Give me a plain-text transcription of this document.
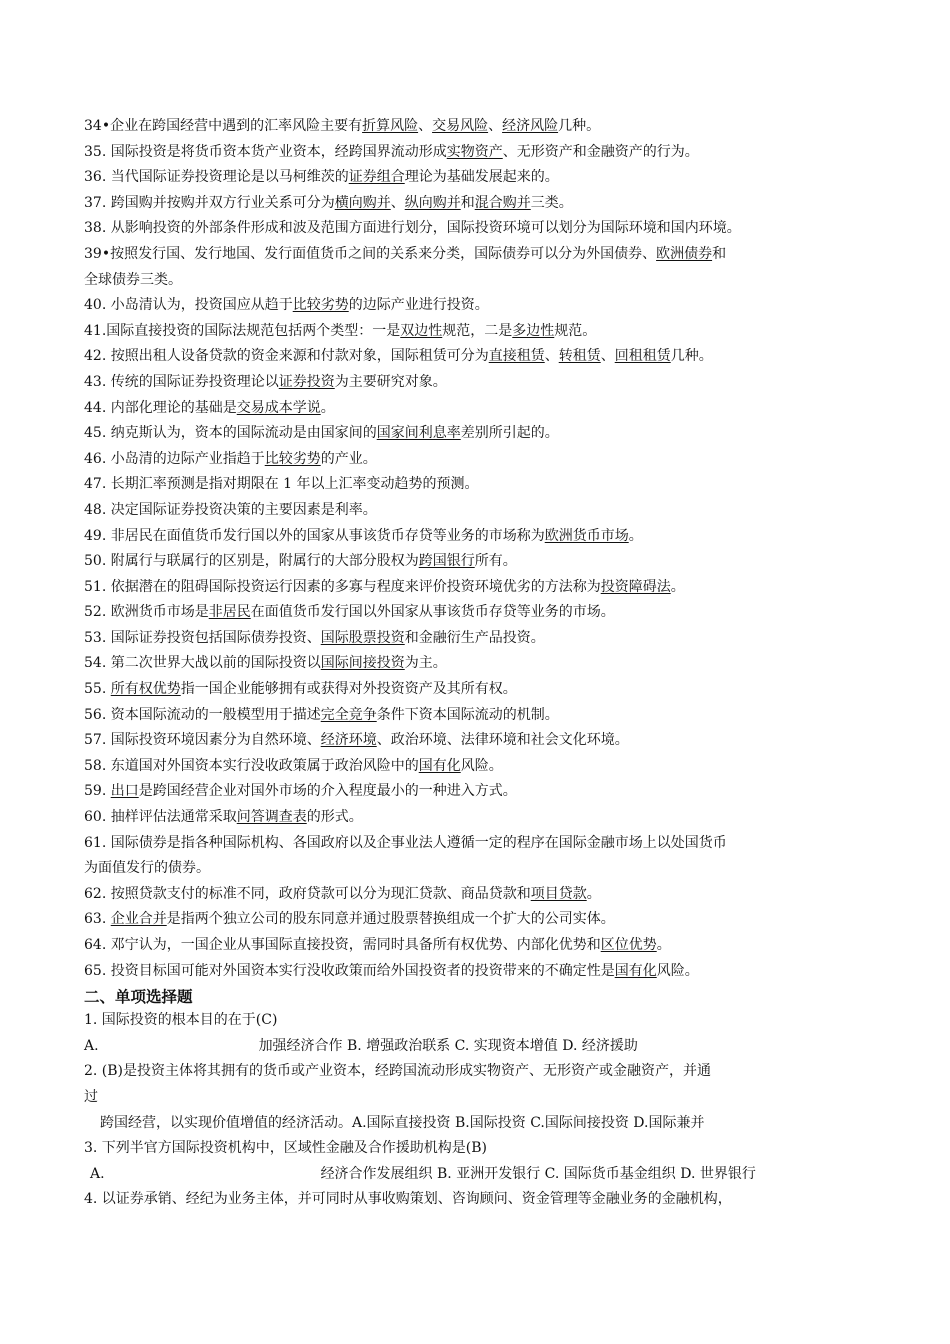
34•企业在跨国经营中遇到的汇率风险主要有折算风险、交易风险、经济风险几种。
35. 国际投资是将货币资本货产业资本，经跨国界流动形成实物资产、无形资产和金融资产的行为。
36. 当代国际证券投资理论是以马柯维茨的证券组合理论为基础发展起来的。
37. 跨国购并按购并双方行业关系可分为横向购并、纵向购并和混合购并三类。
38. 从影响投资的外部条件形成和波及范围方面进行划分，国际投资环境可以划分为国际环境和国内环境。
39•按照发行国、发行地国、发行面值货币之间的关系来分类，国际债券可以分为外国债券、欧洲债券和
全球债券三类。
40. 小岛清认为，投资国应从趋于比较劣势的边际产业进行投资。
41.国际直接投资的国际法规范包括两个类型：一是双边性规范，二是多边性规范。
42. 按照出租人设备贷款的资金来源和付款对象，国际租赁可分为直接租赁、转租赁、回租租赁几种。
43. 传统的国际证券投资理论以证券投资为主要研究对象。
44. 内部化理论的基础是交易成本学说。
45. 纳克斯认为，资本的国际流动是由国家间的国家间利息率差别所引起的。
46. 小岛清的边际产业指趋于比较劣势的产业。
47. 长期汇率预测是指对期限在 1 年以上汇率变动趋势的预测。
48. 决定国际证券投资决策的主要因素是利率。
49. 非居民在面值货币发行国以外的国家从事该货币存贷等业务的市场称为欧洲货币市场。
50. 附属行与联属行的区别是，附属行的大部分股权为跨国银行所有。
51. 依据潜在的阻碍国际投资运行因素的多寡与程度来评价投资环境优劣的方法称为投资障碍法。
52. 欧洲货币市场是非居民在面值货币发行国以外国家从事该货币存贷等业务的市场。
53. 国际证券投资包括国际债券投资、国际股票投资和金融衍生产品投资。
54. 第二次世界大战以前的国际投资以国际间接投资为主。
55. 所有权优势指一国企业能够拥有或获得对外投资资产及其所有权。
56. 资本国际流动的一般模型用于描述完全竞争条件下资本国际流动的机制。
57. 国际投资环境因素分为自然环境、经济环境、政治环境、法律环境和社会文化环境。
58. 东道国对外国资本实行没收政策属于政治风险中的国有化风险。
59. 出口是跨国经营企业对国外市场的介入程度最小的一种进入方式。
60. 抽样评估法通常采取问答调查表的形式。
61. 国际债券是指各种国际机构、各国政府以及企事业法人遵循一定的程序在国际金融市场上以处国货币
为面值发行的债券。
62. 按照贷款支付的标准不同，政府贷款可以分为现汇贷款、商品贷款和项目贷款。
63. 企业合并是指两个独立公司的股东同意并通过股票替换组成一个扩大的公司实体。
64. 邓宁认为，一国企业从事国际直接投资，需同时具备所有权优势、内部化优势和区位优势。
65. 投资目标国可能对外国资本实行没收政策而给外国投资者的投资带来的不确定性是国有化风险。
二、单项选择题
1. 国际投资的根本目的在于(C)
A.	加强经济合作 B. 增强政治联系 C. 实现资本增值 D. 经济援助
2. (B)是投资主体将其拥有的货币或产业资本，经跨国流动形成实物资产、无形资产或金融资产，并通
过
跨国经营，以实现价值增值的经济活动。A.国际直接投资 B.国际投资 C.国际间接投资 D.国际兼并
3. 下列半官方国际投资机构中，区域性金融及合作援助机构是(B)
A.	经济合作发展组织 B. 亚洲开发银行 C. 国际货币基金组织 D. 世界银行
4. 以证券承销、经纪为业务主体，并可同时从事收购策划、咨询顾问、资金管理等金融业务的金融机构，
